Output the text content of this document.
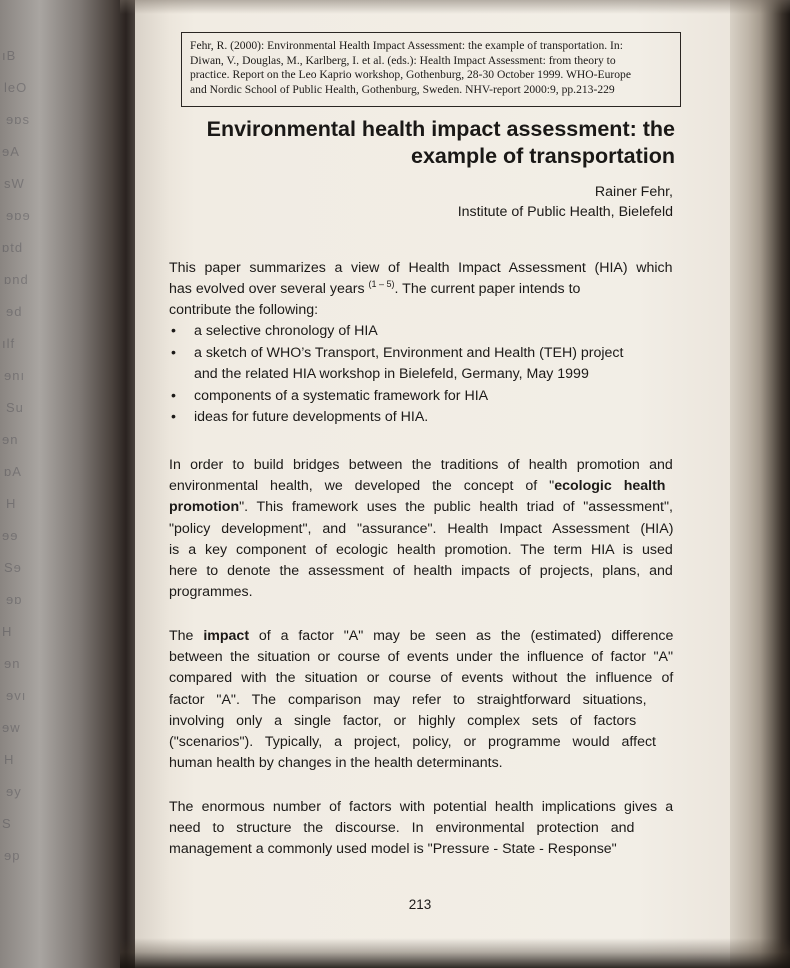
ıB
leO
ɘɒs
ɘA
sW
ɘɒɘ
ɒtd
ɒnd
ɘd
ılf
ɘnı
Su
ɘn
ɒA
H
ɘɘ
Sɘ
ɘɒ
H
ɘn
ɘvı
ɘw
H
ɘy
S
ɘp
Fehr, R. (2000): Environmental Health Impact Assessment: the example of transportation. In:
Diwan, V., Douglas, M., Karlberg, I. et al. (eds.): Health Impact Assessment: from theory to
practice. Report on the Leo Kaprio workshop, Gothenburg, 28-30 October 1999. WHO-Europe
and Nordic School of Public Health, Gothenburg, Sweden. NHV-report 2000:9, pp.213-229
Environmental health impact assessment: the
example of transportation
Rainer Fehr,
Institute of Public Health, Bielefeld
This paper summarizes a view of Health Impact Assessment (HIA) which
has evolved over several years $^{(1 - 5)}$. The current paper intends to
contribute the following:
• a selective chronology of HIA
• a sketch of WHO’s Transport, Environment and Health (TEH) project
and the related HIA workshop in Bielefeld, Germany, May 1999
• components of a systematic framework for HIA
• ideas for future developments of HIA.
In order to build bridges between the traditions of health promotion and
environmental health, we developed the concept of "ecologic health
promotion". This framework uses the public health triad of "assessment",
"policy development", and "assurance". Health Impact Assessment (HIA)
is a key component of ecologic health promotion. The term HIA is used
here to denote the assessment of health impacts of projects, plans, and
programmes.
The impact of a factor "A" may be seen as the (estimated) difference
between the situation or course of events under the influence of factor "A"
compared with the situation or course of events without the influence of
factor "A". The comparison may refer to straightforward situations,
involving only a single factor, or highly complex sets of factors
("scenarios"). Typically, a project, policy, or programme would affect
human health by changes in the health determinants.
The enormous number of factors with potential health implications gives a
need to structure the discourse. In environmental protection and
management a commonly used model is "Pressure - State - Response"
213
